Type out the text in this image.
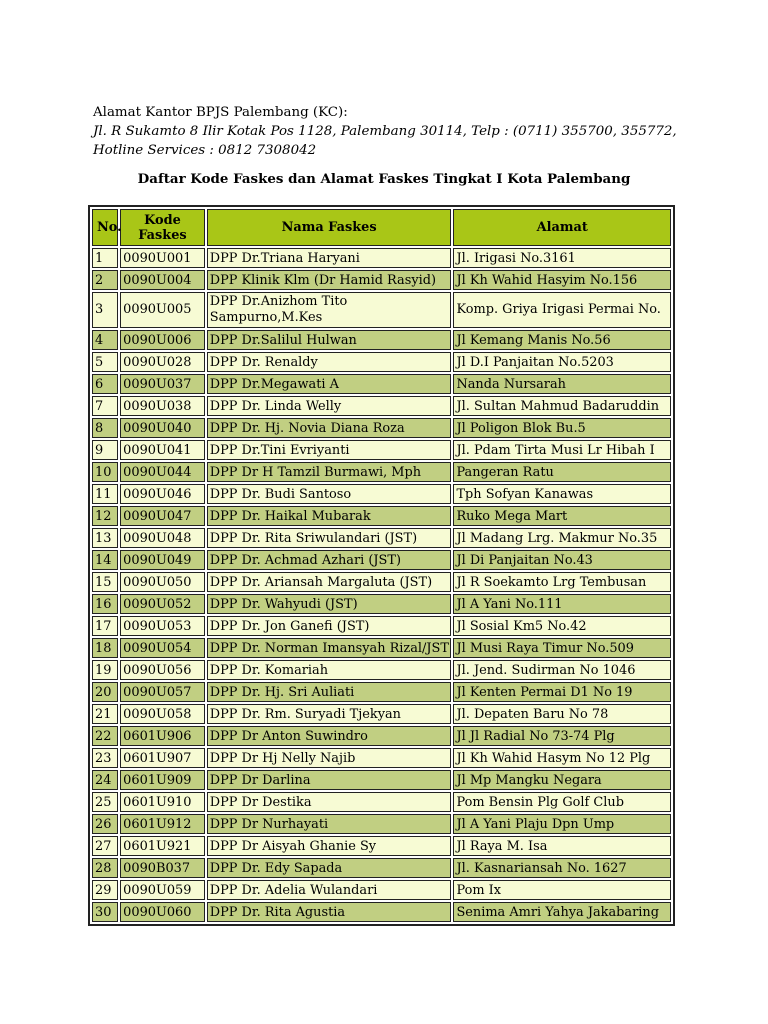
Alamat Kantor BPJS Palembang (KC):
Jl. R Sukamto 8 Ilir Kotak Pos 1128, Palembang 30114, Telp : (0711) 355700, 355772,
Hotline Services : 0812 7308042
Daftar Kode Faskes dan Alamat Faskes Tingkat I Kota Palembang
No.	Kode Faskes	Nama Faskes	Alamat
1	0090U001	DPP Dr.Triana Haryani	Jl. Irigasi No.3161
2	0090U004	DPP Klinik Klm (Dr Hamid Rasyid)	Jl Kh Wahid Hasyim No.156
3	0090U005	DPP Dr.Anizhom Tito Sampurno,M.Kes	Komp. Griya Irigasi Permai No.
4	0090U006	DPP Dr.Salilul Hulwan	Jl Kemang Manis No.56
5	0090U028	DPP Dr. Renaldy	Jl D.I Panjaitan No.5203
6	0090U037	DPP Dr.Megawati A	Nanda Nursarah
7	0090U038	DPP Dr. Linda Welly	Jl. Sultan Mahmud Badaruddin
8	0090U040	DPP Dr. Hj. Novia Diana Roza	Jl Poligon Blok Bu.5
9	0090U041	DPP Dr.Tini Evriyanti	Jl. Pdam Tirta Musi Lr Hibah I
10	0090U044	DPP Dr H Tamzil Burmawi, Mph	Pangeran Ratu
11	0090U046	DPP Dr. Budi Santoso	Tph Sofyan Kanawas
12	0090U047	DPP Dr. Haikal Mubarak	Ruko Mega Mart
13	0090U048	DPP Dr. Rita Sriwulandari (JST)	Jl Madang Lrg. Makmur No.35
14	0090U049	DPP Dr. Achmad Azhari (JST)	Jl Di Panjaitan No.43
15	0090U050	DPP Dr. Ariansah Margaluta (JST)	Jl R Soekamto Lrg Tembusan
16	0090U052	DPP Dr. Wahyudi (JST)	Jl A Yani No.111
17	0090U053	DPP Dr. Jon Ganefi (JST)	Jl Sosial Km5 No.42
18	0090U054	DPP Dr. Norman Imansyah Rizal/JST	Jl Musi Raya Timur No.509
19	0090U056	DPP Dr. Komariah	Jl. Jend. Sudirman No 1046
20	0090U057	DPP Dr. Hj. Sri Auliati	Jl Kenten Permai D1 No 19
21	0090U058	DPP Dr. Rm. Suryadi Tjekyan	Jl. Depaten Baru No 78
22	0601U906	DPP Dr Anton Suwindro	Jl Jl Radial No 73-74 Plg
23	0601U907	DPP Dr Hj Nelly Najib	Jl Kh Wahid Hasym No 12 Plg
24	0601U909	DPP Dr Darlina	Jl Mp Mangku Negara
25	0601U910	DPP Dr Destika	Pom Bensin Plg Golf Club
26	0601U912	DPP Dr Nurhayati	Jl A Yani Plaju Dpn Ump
27	0601U921	DPP Dr Aisyah Ghanie Sy	Jl Raya M. Isa
28	0090B037	DPP Dr. Edy Sapada	Jl. Kasnariansah No. 1627
29	0090U059	DPP Dr. Adelia Wulandari	Pom Ix
30	0090U060	DPP Dr. Rita Agustia	Senima Amri Yahya Jakabaring
